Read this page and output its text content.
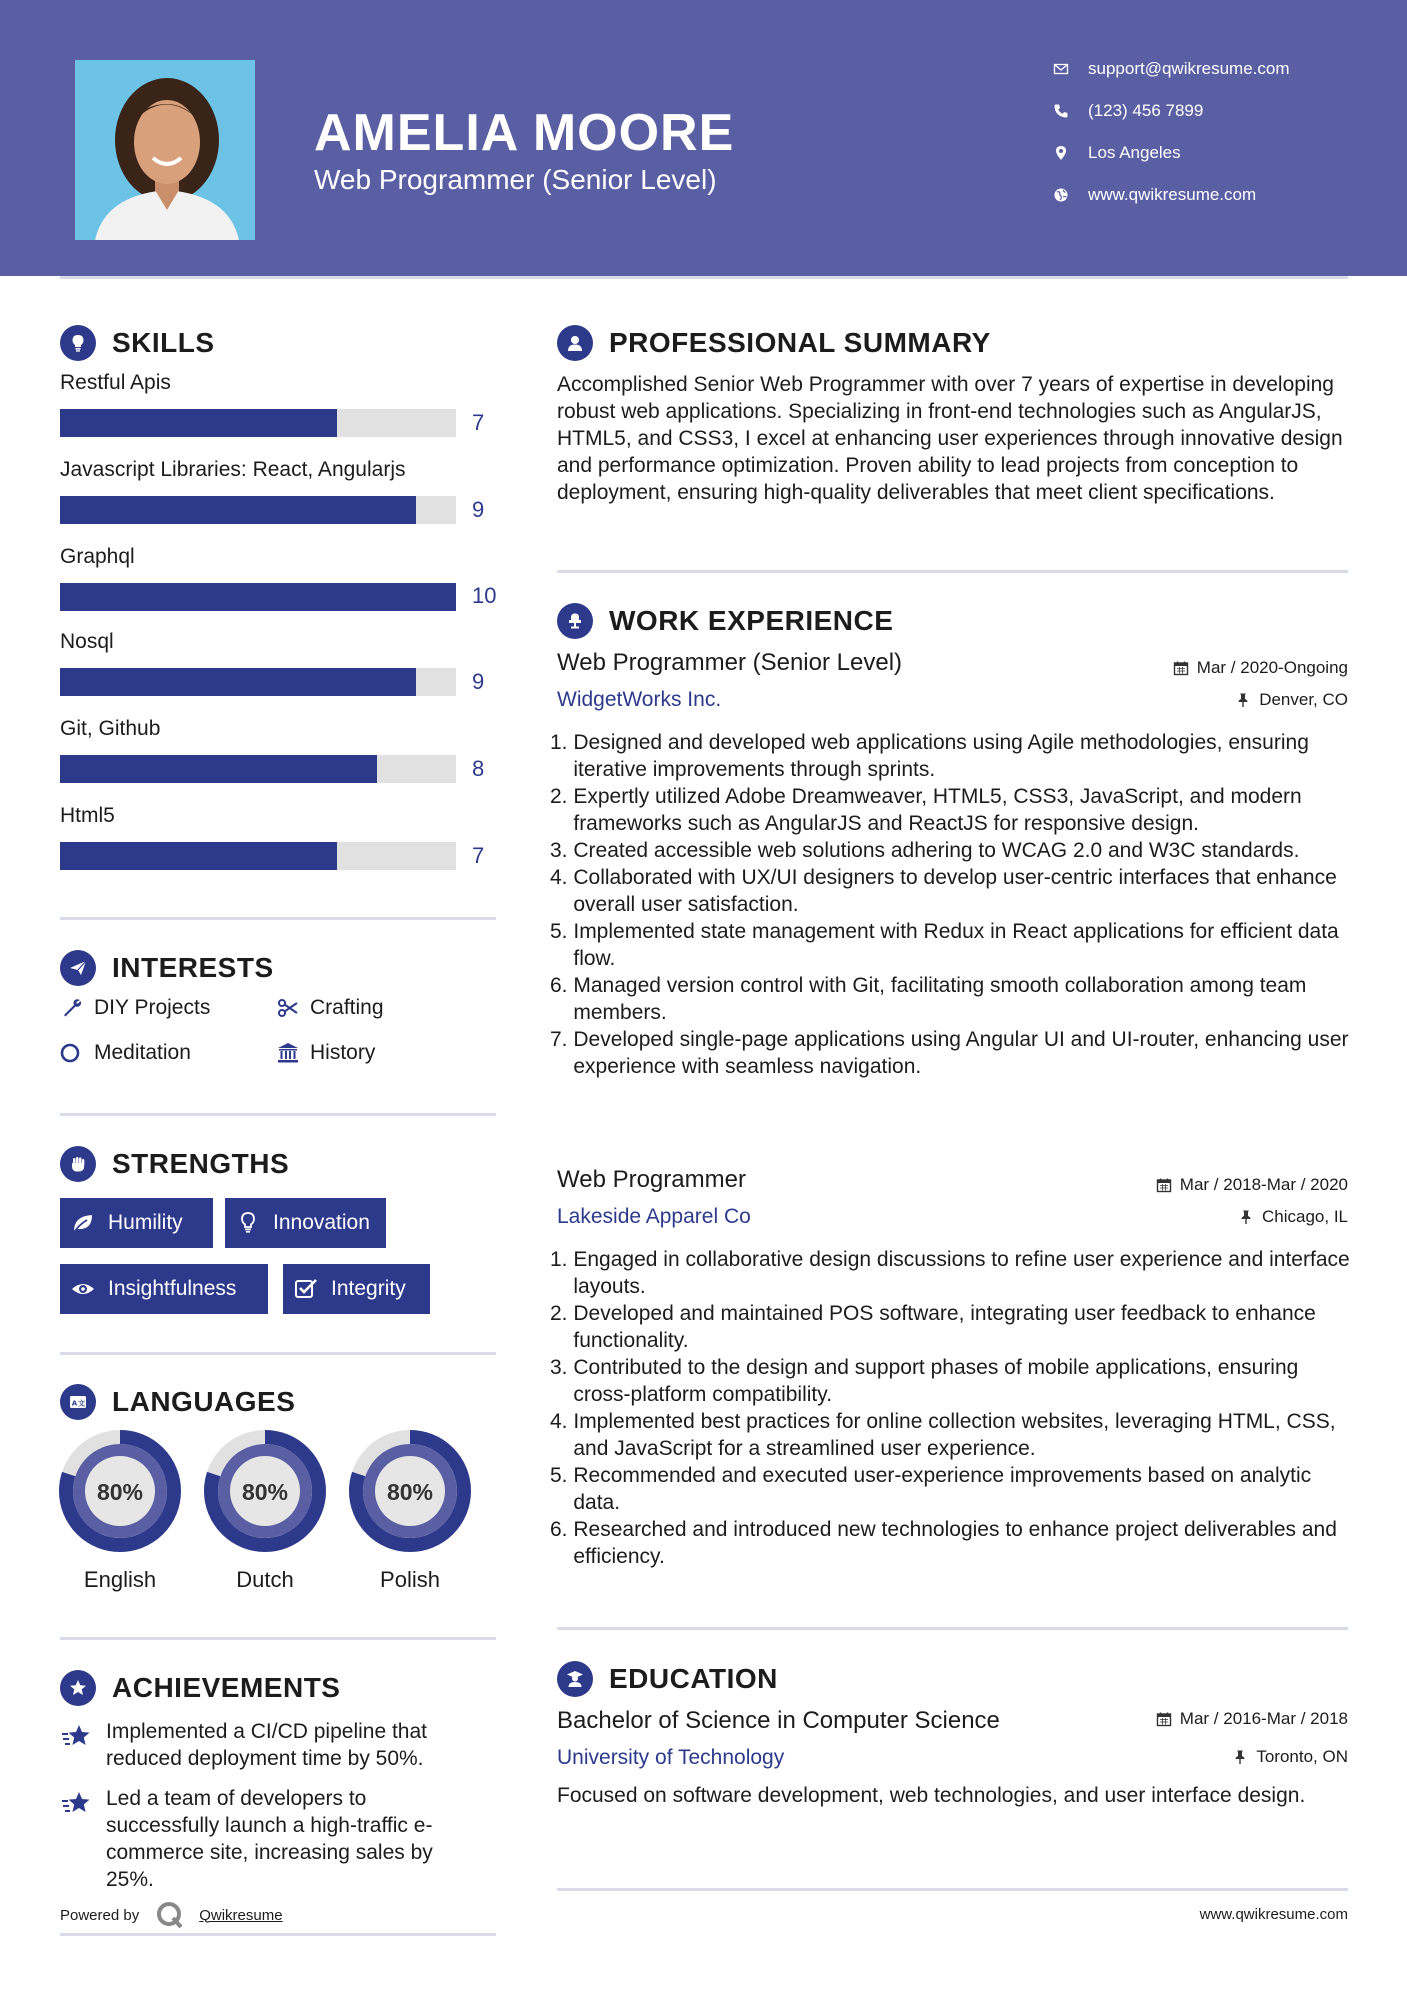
AMELIA MOORE
Web Programmer (Senior Level)
support@qwikresume.com
(123) 456 7899
Los Angeles
www.qwikresume.com
SKILLS
Restful Apis
7
Javascript Libraries: React, Angularjs
9
Graphql
10
Nosql
9
Git, Github
8
Html5
7
INTERESTS
DIY Projects	Crafting
Meditation	History
STRENGTHS
Humility	Innovation
Insightfulness	Integrity
A 文 LANGUAGES
80%
English
80%
Dutch
80%
Polish
ACHIEVEMENTS
Implemented a CI/CD pipeline that reduced deployment time by 50%.
Led a team of developers to successfully launch a high-traffic e-commerce site, increasing sales by 25%.
Powered by	Qwikresume
PROFESSIONAL SUMMARY
Accomplished Senior Web Programmer with over 7 years of expertise in developing robust web applications. Specializing in front-end technologies such as AngularJS, HTML5, and CSS3, I excel at enhancing user experiences through innovative design and performance optimization. Proven ability to lead projects from conception to deployment, ensuring high-quality deliverables that meet client specifications.
WORK EXPERIENCE
Web Programmer (Senior Level)	Mar / 2020-Ongoing
WidgetWorks Inc.	Denver, CO
1. Designed and developed web applications using Agile methodologies, ensuring iterative improvements through sprints.
2. Expertly utilized Adobe Dreamweaver, HTML5, CSS3, JavaScript, and modern frameworks such as AngularJS and ReactJS for responsive design.
3. Created accessible web solutions adhering to WCAG 2.0 and W3C standards.
4. Collaborated with UX/UI designers to develop user-centric interfaces that enhance overall user satisfaction.
5. Implemented state management with Redux in React applications for efficient data flow.
6. Managed version control with Git, facilitating smooth collaboration among team members.
7. Developed single-page applications using Angular UI and UI-router, enhancing user experience with seamless navigation.
Web Programmer	Mar / 2018-Mar / 2020
Lakeside Apparel Co	Chicago, IL
1. Engaged in collaborative design discussions to refine user experience and interface layouts.
2. Developed and maintained POS software, integrating user feedback to enhance functionality.
3. Contributed to the design and support phases of mobile applications, ensuring cross-platform compatibility.
4. Implemented best practices for online collection websites, leveraging HTML, CSS, and JavaScript for a streamlined user experience.
5. Recommended and executed user-experience improvements based on analytic data.
6. Researched and introduced new technologies to enhance project deliverables and efficiency.
EDUCATION
Bachelor of Science in Computer Science	Mar / 2016-Mar / 2018
University of Technology	Toronto, ON
Focused on software development, web technologies, and user interface design.
www.qwikresume.com
